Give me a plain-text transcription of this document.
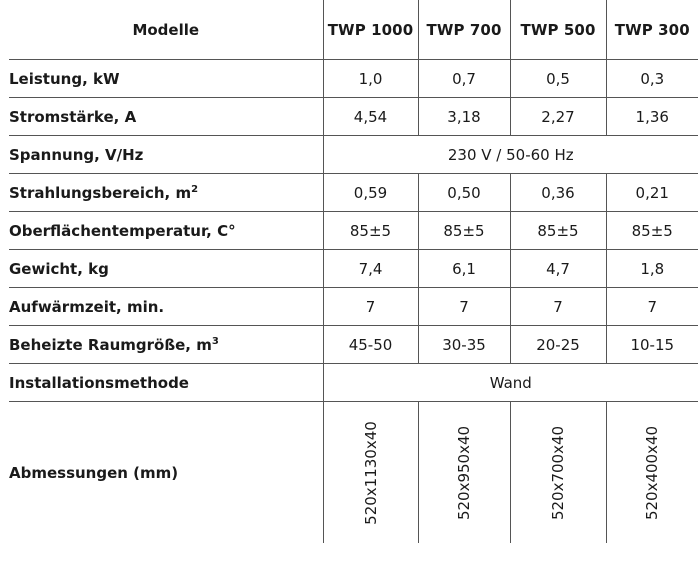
Modelle	TWP 1000	TWP 700	TWP 500	TWP 300
Leistung, kW	1,0	0,7	0,5	0,3
Stromstärke, A	4,54	3,18	2,27	1,36
Spannung, V/Hz	230 V / 50-60 Hz			
Strahlungsbereich, $m^2$	0,59	0,50	0,36	0,21
Oberflächentemperatur, C°	85±5	85±5	85±5	85±5
Gewicht, kg	7,4	6,1	4,7	1,8
Aufwärmzeit, min.	7	7	7	7
Beheizte Raumgröße, $m^3$	45-50	30-35	20-25	10-15
Installationsmethode	Wand			
Abmessungen (mm)	520x1130x40	520x950x40	520x700x40	520x400x40
